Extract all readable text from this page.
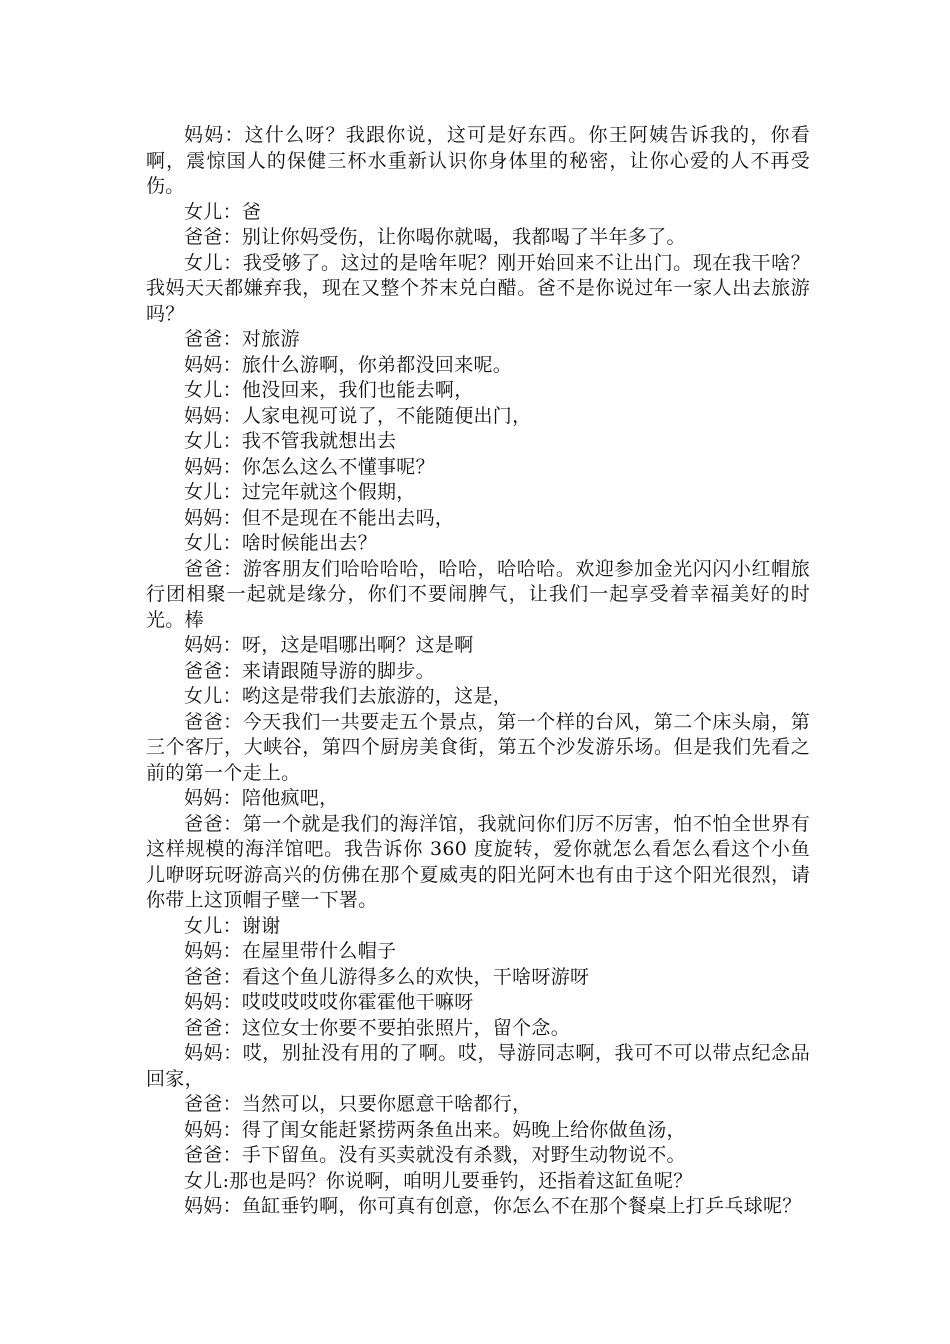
妈妈：这什么呀？我跟你说，这可是好东西。你王阿姨告诉我的，你看啊，震惊国人的保健三杯水重新认识你身体里的秘密，让你心爱的人不再受伤。

女儿：爸

爸爸：别让你妈受伤，让你喝你就喝，我都喝了半年多了。

女儿：我受够了。这过的是啥年呢？刚开始回来不让出门。现在我干啥？我妈天天都嫌弃我，现在又整个芥末兑白醋。爸不是你说过年一家人出去旅游吗？

爸爸：对旅游

妈妈：旅什么游啊，你弟都没回来呢。

女儿：他没回来，我们也能去啊，

妈妈：人家电视可说了，不能随便出门，

女儿：我不管我就想出去

妈妈：你怎么这么不懂事呢？

女儿：过完年就这个假期，

妈妈：但不是现在不能出去吗，

女儿：啥时候能出去？

爸爸：游客朋友们哈哈哈哈，哈哈，哈哈哈。欢迎参加金光闪闪小红帽旅行团相聚一起就是缘分，你们不要闹脾气，让我们一起享受着幸福美好的时光。棒

妈妈：呀，这是唱哪出啊？这是啊

爸爸：来请跟随导游的脚步。

女儿：哟这是带我们去旅游的，这是，

爸爸：今天我们一共要走五个景点，第一个样的台风，第二个床头扇，第三个客厅，大峡谷，第四个厨房美食街，第五个沙发游乐场。但是我们先看之前的第一个走上。

妈妈：陪他疯吧，

爸爸：第一个就是我们的海洋馆，我就问你们厉不厉害，怕不怕全世界有这样规模的海洋馆吧。我告诉你 360 度旋转，爱你就怎么看怎么看这个小鱼儿咿呀玩呀游高兴的仿佛在那个夏威夷的阳光阿木也有由于这个阳光很烈，请你带上这顶帽子壁一下署。

女儿：谢谢

妈妈：在屋里带什么帽子

爸爸：看这个鱼儿游得多么的欢快，干啥呀游呀

妈妈：哎哎哎哎哎你霍霍他干嘛呀

爸爸：这位女士你要不要拍张照片，留个念。

妈妈：哎，别扯没有用的了啊。哎，导游同志啊，我可不可以带点纪念品回家，

爸爸：当然可以，只要你愿意干啥都行，

妈妈：得了闺女能赶紧捞两条鱼出来。妈晚上给你做鱼汤，

爸爸：手下留鱼。没有买卖就没有杀戮，对野生动物说不。

女儿:那也是吗？你说啊，咱明儿要垂钓，还指着这缸鱼呢？

妈妈：鱼缸垂钓啊，你可真有创意，你怎么不在那个餐桌上打乒乓球呢？
